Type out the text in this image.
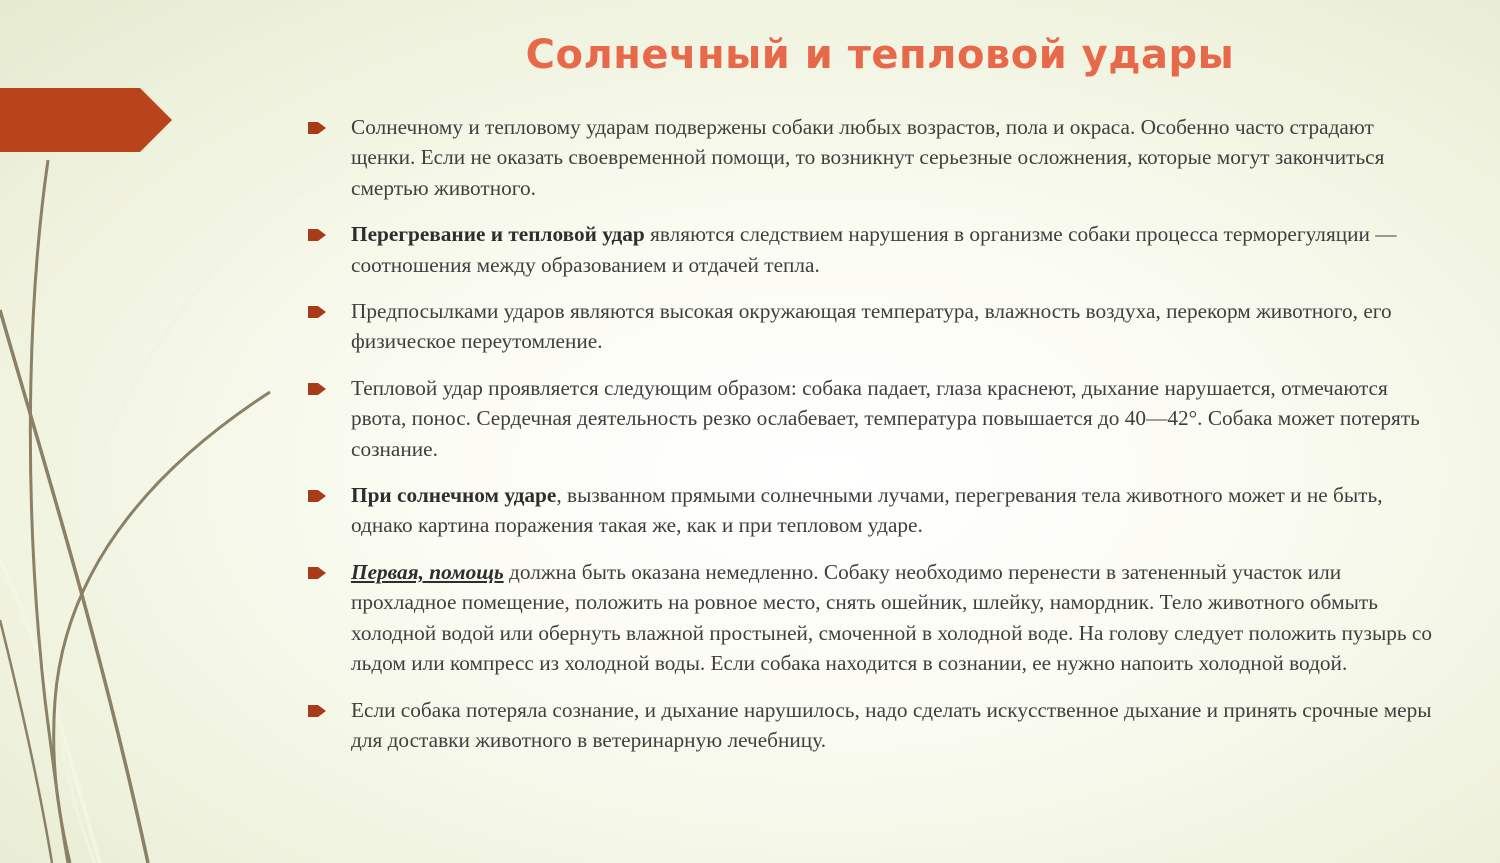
Солнечный и тепловой удары
Солнечному и тепловому ударам подвержены собаки любых возрастов, пола и окраса. Особенно часто страдают щенки. Если не оказать своевременной помощи, то возникнут серьезные осложнения, которые могут закончиться смертью животного.
Перегревание и тепловой удар являются следствием нарушения в организме собаки процесса терморегуляции — соотношения между образованием и отдачей тепла.
Предпосылками ударов являются высокая окружающая температура, влажность воздуха, перекорм животного, его физическое переутомление.
Тепловой удар проявляется следующим образом: собака падает, глаза краснеют, дыхание нарушается, отмечаются рвота, понос. Сердечная деятельность резко ослабевает, температура повышается до 40—42°. Собака может потерять сознание.
При солнечном ударе, вызванном прямыми солнечными лучами, перегревания тела животного может и не быть, однако картина поражения такая же, как и при тепловом ударе.
Первая, помощь должна быть оказана немедленно. Собаку необходимо перенести в затененный участок или прохладное помещение, положить на ровное место, снять ошейник, шлейку, намордник. Тело животного обмыть холодной водой или обернуть влажной простыней, смоченной в холодной воде. На голову следует положить пузырь со льдом или компресс из холодной воды. Если собака находится в сознании, ее нужно напоить холодной водой.
Если собака потеряла сознание, и дыхание нарушилось, надо сделать искусственное дыхание и принять срочные меры для доставки животного в ветеринарную лечебницу.
